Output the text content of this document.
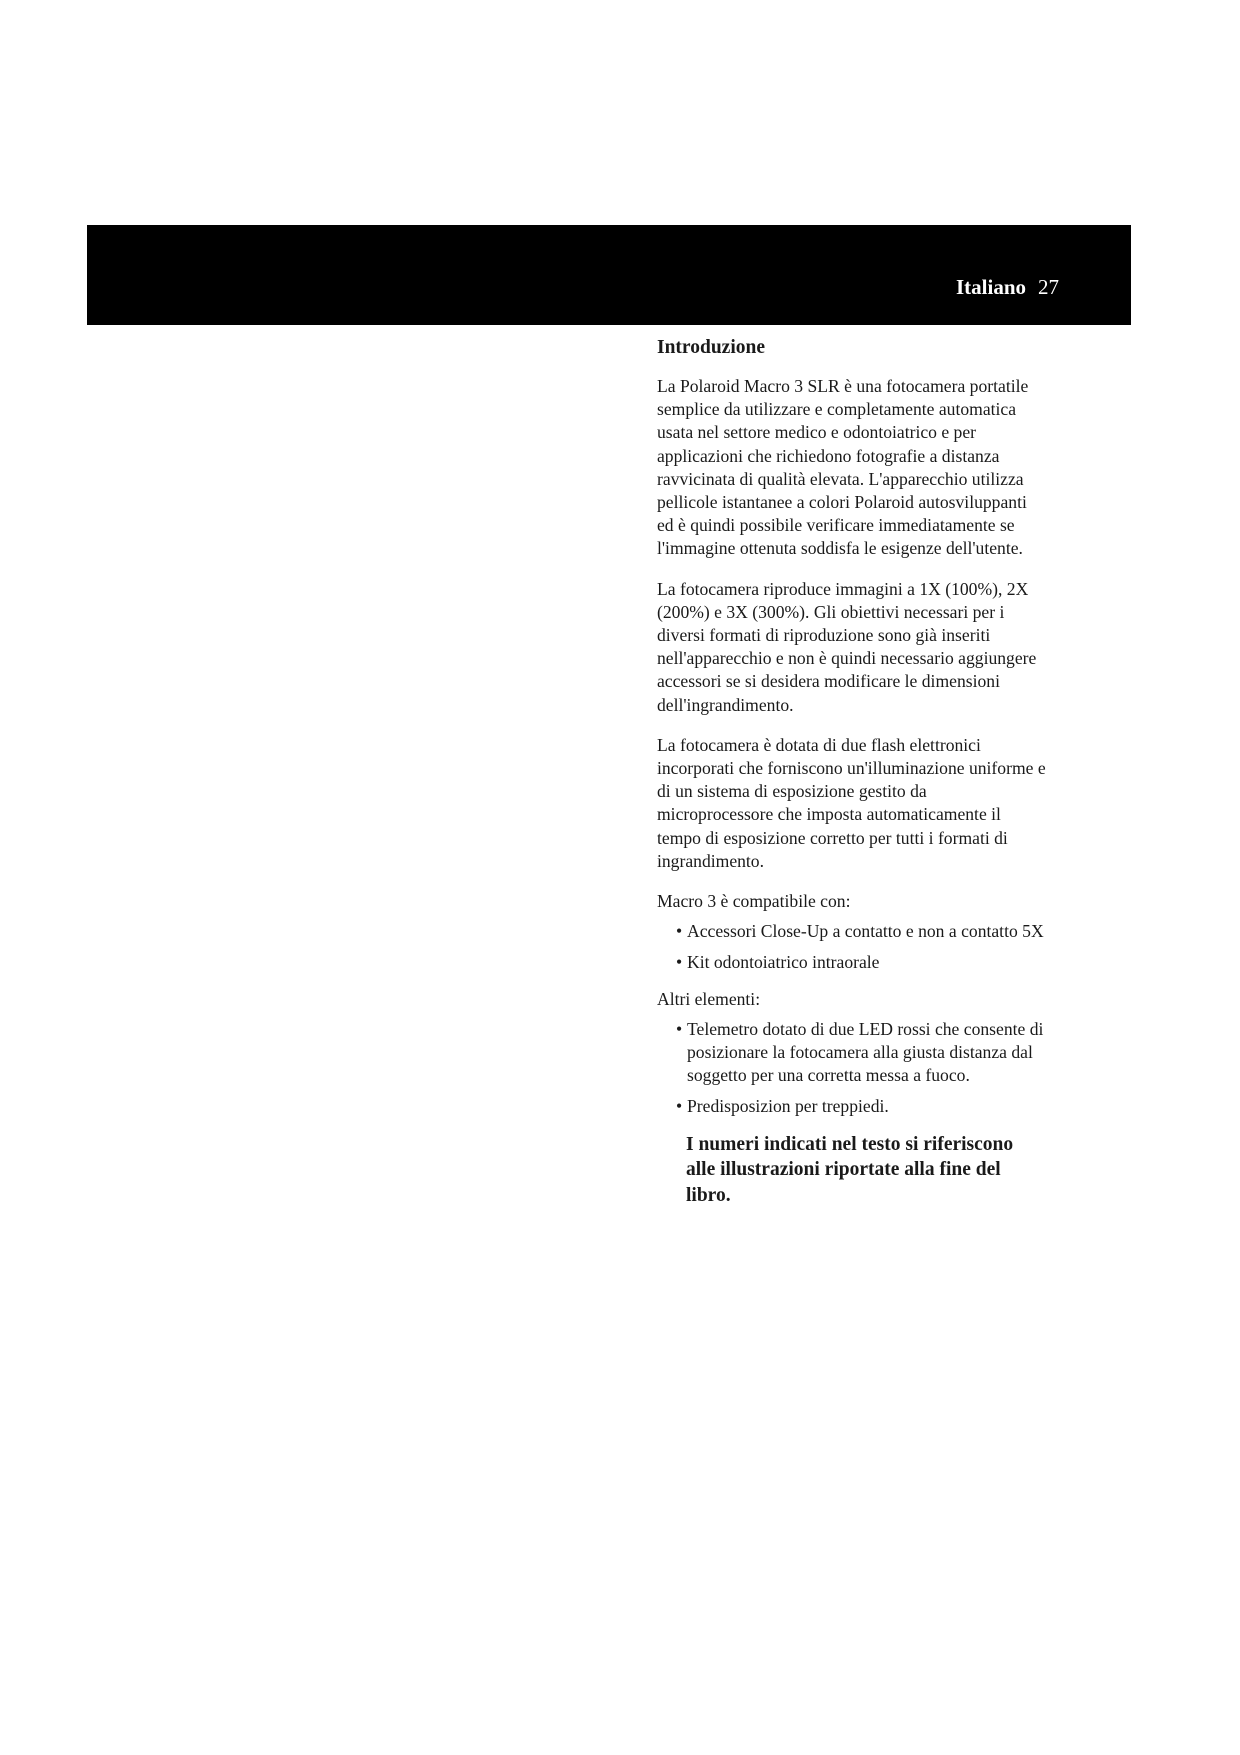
Italiano 27
Introduzione

La Polaroid Macro 3 SLR è una fotocamera portatile semplice da utilizzare e completamente automatica usata nel settore medico e odontoiatrico e per applicazioni che richiedono fotografie a distanza ravvicinata di qualità elevata. L'apparecchio utilizza pellicole istantanee a colori Polaroid autosviluppanti ed è quindi possibile verificare immediatamente se l'immagine ottenuta soddisfa le esigenze dell'utente.

La fotocamera riproduce immagini a 1X (100%), 2X (200%) e 3X (300%). Gli obiettivi necessari per i diversi formati di riproduzione sono già inseriti nell'apparecchio e non è quindi necessario aggiungere accessori se si desidera modificare le dimensioni dell'ingrandimento.

La fotocamera è dotata di due flash elettronici incorporati che forniscono un'illuminazione uniforme e di un sistema di esposizione gestito da microprocessore che imposta automaticamente il tempo di esposizione corretto per tutti i formati di ingrandimento.

Macro 3 è compatibile con:

• Accessori Close-Up a contatto e non a contatto 5X
• Kit odontoiatrico intraorale

Altri elementi:

• Telemetro dotato di due LED rossi che consente di posizionare la fotocamera alla giusta distanza dal soggetto per una corretta messa a fuoco.
• Predisposizion per treppiedi.

I numeri indicati nel testo si riferiscono alle illustrazioni riportate alla fine del libro.
